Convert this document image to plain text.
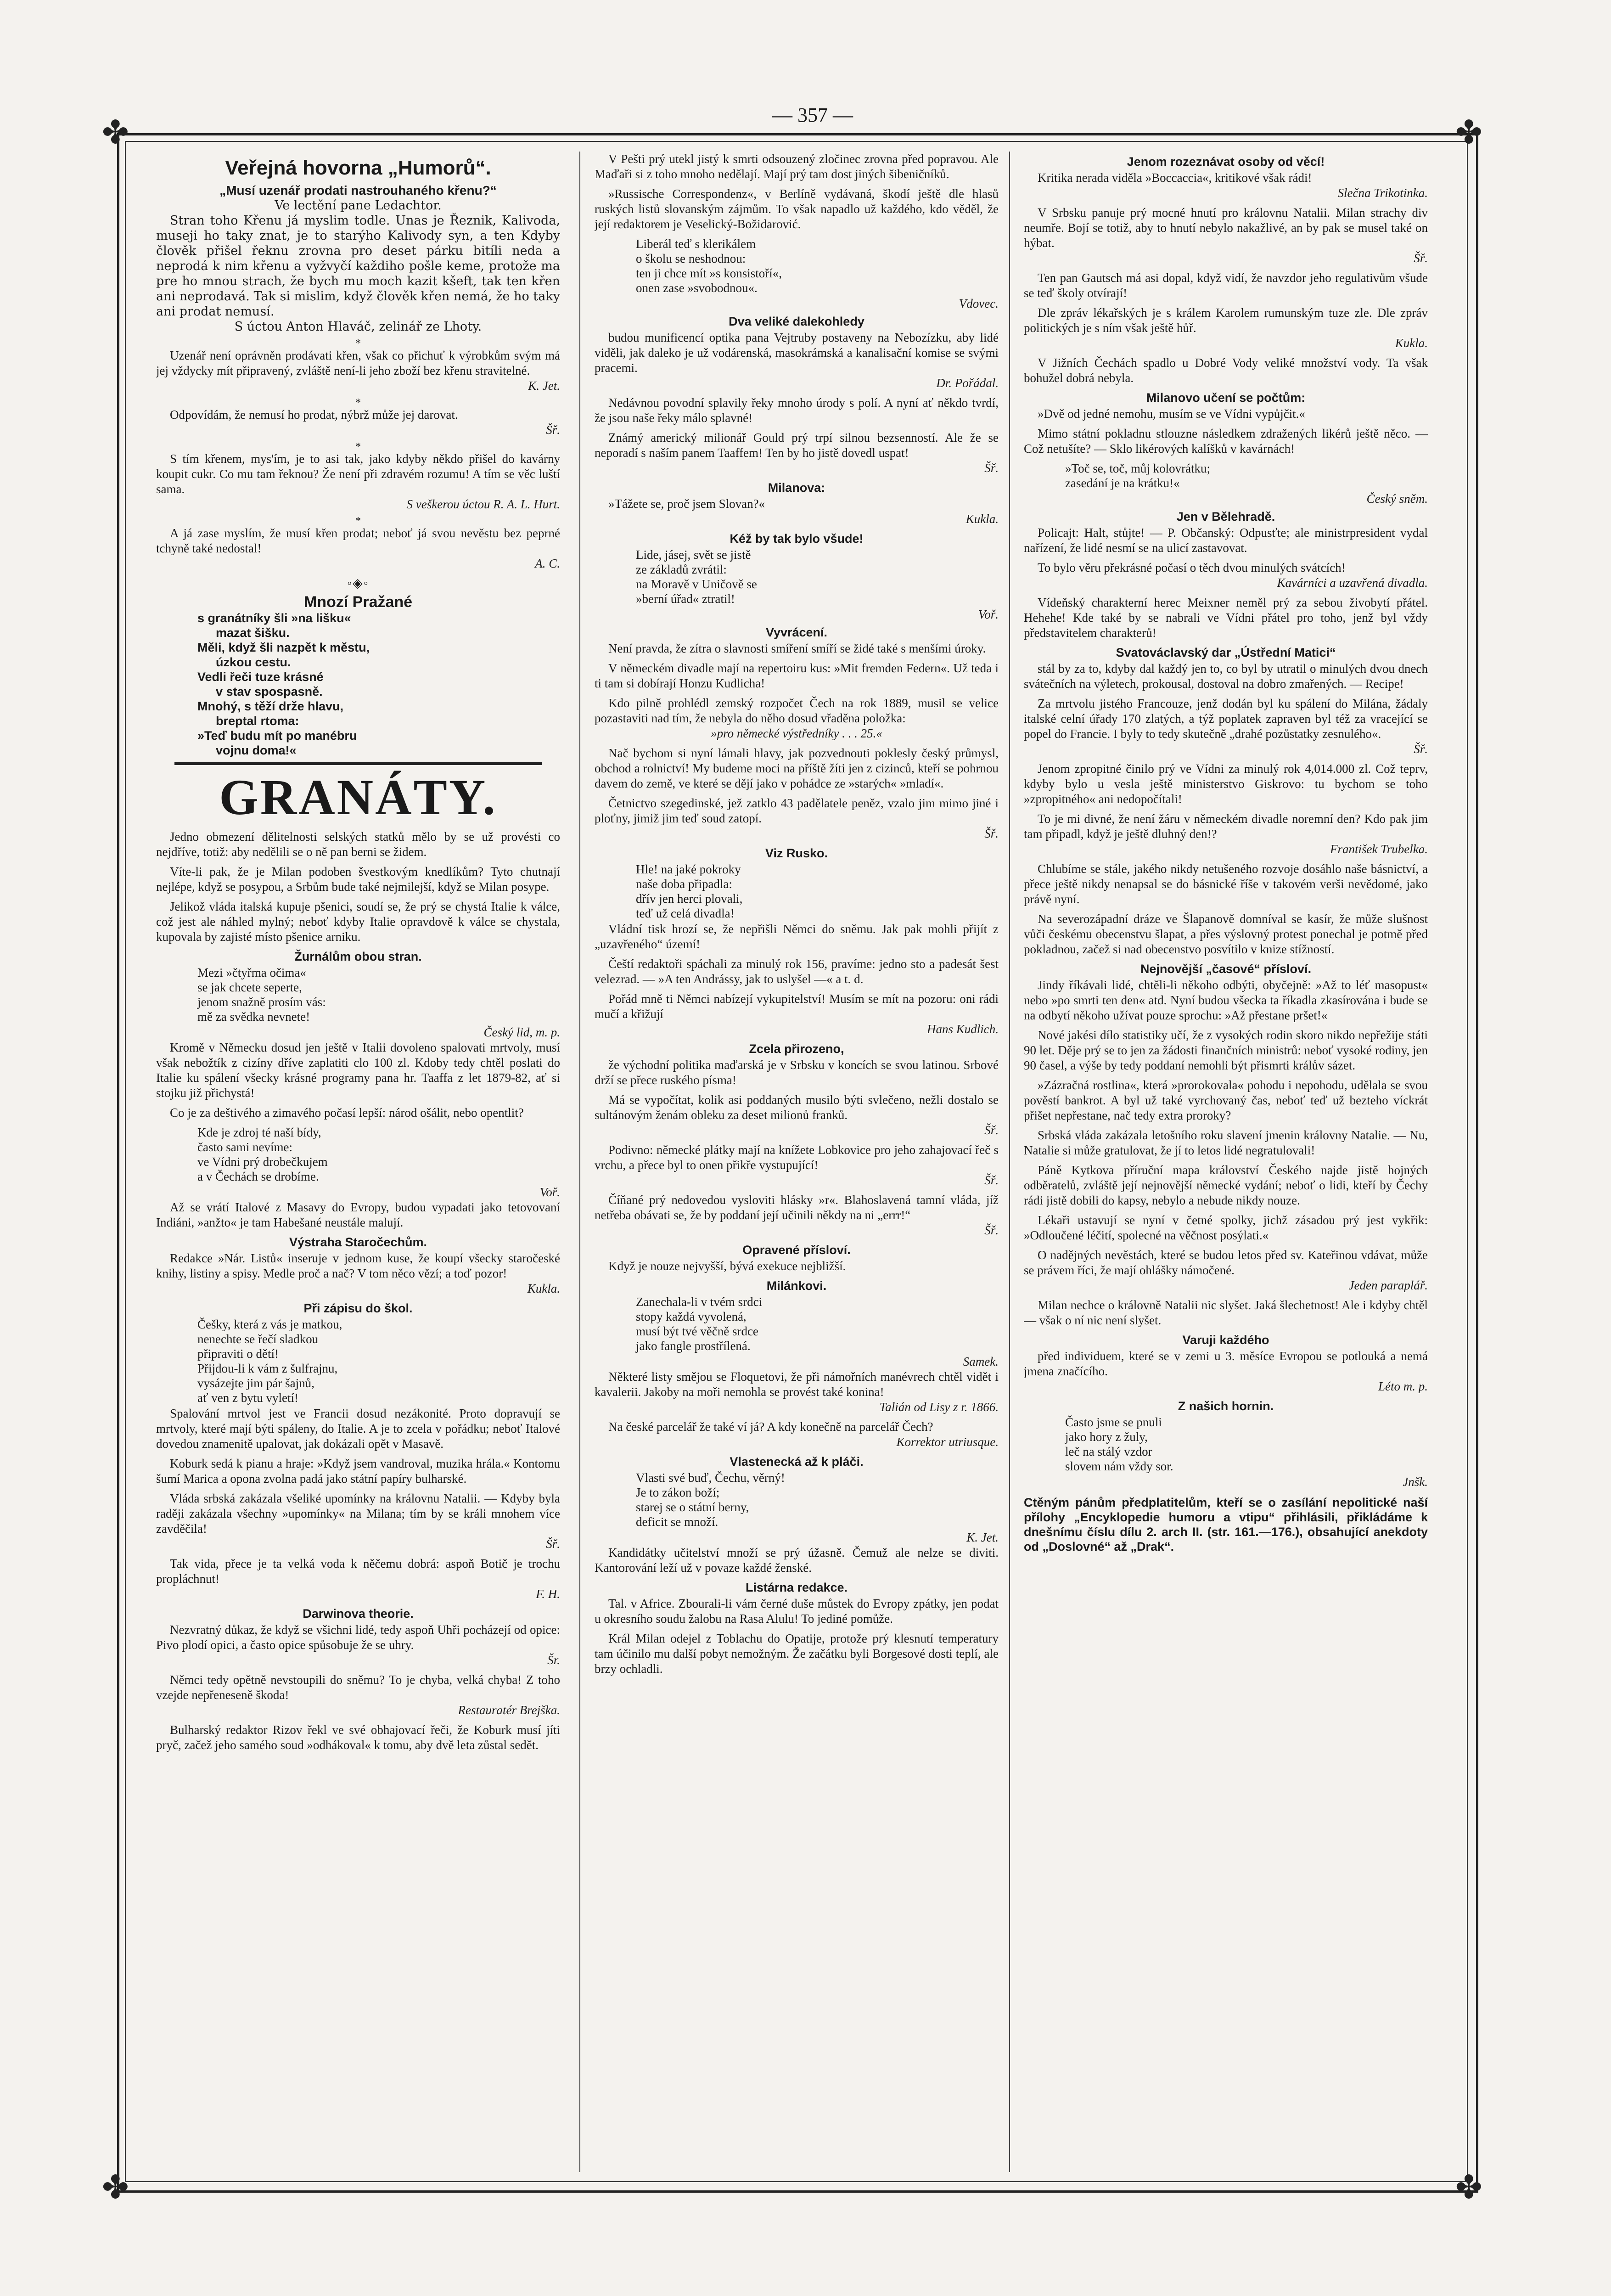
— 357 —
✤	✤
✤	✤
Veřejná hovorna „Humorů“.
„Musí uzenář prodati nastrouhaného křenu?“
Ve lectění pane Ledachtor.

Stran toho Křenu já myslim todle. Unas je Řeznik, Kalivoda, museji ho taky znat, je to starýho Kalivody syn, a ten Kdyby člověk přišel řeknu zrovna pro deset párku bitíli neda a neprodá k nim křenu a vyžvyčí každiho pošle keme, protože ma pre ho mnou strach, že bych mu moch kazit kšeft, tak ten křen ani neprodavá. Tak si mislim, když člověk křen nemá, že ho taky ani prodat nemusí.

S úctou Anton Hlaváč, zelinář ze Lhoty.
*

Uzenář není oprávněn prodávati křen, však co přichuť k výrobkům svým má jej vždycky mít připravený, zvláště není-li jeho zboží bez křenu stravitelné.

K. Jet.
*

Odpovídám, že nemusí ho prodat, nýbrž může jej darovat.

Šř.
*

S tím křenem, mys'ím, je to asi tak, jako kdyby někdo přišel do kavárny koupit cukr. Co mu tam řeknou? Že není při zdravém rozumu! A tím se věc luští sama.

S veškerou úctou R. A. L. Hurt.
*

A já zase myslím, že musí křen prodat; neboť já svou nevěstu bez peprné tchyně také nedostal!

A. C.
◦◈◦
Mnozí Pražané
s granátníky šli »na lišku«
mazat šišku.
Měli, když šli nazpět k městu,
úzkou cestu.
Vedli řeči tuze krásné
v stav spospasně.
Mnohý, s těží drže hlavu,
breptal rtoma:
»Teď budu mít po manébru
vojnu doma!«
GRANÁTY.

Jedno obmezení dělitelnosti selských statků mělo by se už provésti co nejdříve, totiž: aby nedělili se o ně pan berni se židem.

Víte-li pak, že je Milan podoben švestkovým knedlíkům? Tyto chutnají nejlépe, když se posypou, a Srbům bude také nejmilejší, když se Milan posype.

Jelikož vláda italská kupuje pšenici, soudí se, že prý se chystá Italie k válce, což jest ale náhled mylný; neboť kdyby Italie opravdově k válce se chystala, kupovala by zajisté místo pšenice arniku.

Žurnálům obou stran.
Mezi »čtyřma očima«
se jak chcete seperte,
jenom snažně prosím vás:
mě za svědka nevnete!
Český lid, m. p.

Kromě v Německu dosud jen ještě v Italii dovoleno spalovati mrtvoly, musí však nebožtík z cizíny dříve zaplatiti clo 100 zl. Kdoby tedy chtěl poslati do Italie ku spálení všecky krásné programy pana hr. Taaffa z let 1879-82, ať si stojku již přichystá!

Co je za deštivého a zimavého počasí lepší: národ ošálit, nebo opentlit?

Kde je zdroj té naší bídy,
často sami nevíme:
ve Vídni prý drobečkujem
a v Čechách se drobíme.
Voř.

Až se vrátí Italové z Masavy do Evropy, budou vypadati jako tetovovaní Indiáni, »anžto« je tam Habešané neustále malují.

Výstraha Staročechům.

Redakce »Nár. Listů« inseruje v jednom kuse, že koupí všecky staročeské knihy, listiny a spisy. Medle proč a nač? V tom něco vězí; a toď pozor!

Kukla.
Při zápisu do škol.
Češky, která z vás je matkou,
nenechte se řečí sladkou
připraviti o dětí!
Přijdou-li k vám z šulfrajnu,
vysázejte jim pár šajnů,
ať ven z bytu vyletí!

Spalování mrtvol jest ve Francii dosud nezákonité. Proto dopravují se mrtvoly, které mají býti spáleny, do Italie. A je to zcela v pořádku; neboť Italové dovedou znamenitě upalovat, jak dokázali opět v Masavě.

Koburk sedá k pianu a hraje: »Když jsem vandroval, muzika hrála.« Kontomu šumí Marica a opona zvolna padá jako státní papíry bulharské.

Vláda srbská zakázala všeliké upomínky na královnu Natalii. — Kdyby byla raději zakázala všechny »upomínky« na Milana; tím by se králi mnohem více zavděčila!

Šř.

Tak vida, přece je ta velká voda k něčemu dobrá: aspoň Botič je trochu propláchnut!

F. H.
Darwinova theorie.

Nezvratný důkaz, že když se všichni lidé, tedy aspoň Uhři pocházejí od opice: Pivo plodí opici, a často opice spůsobuje že se uhry.

Šr.

Němci tedy opětně nevstoupili do sněmu? To je chyba, velká chyba! Z toho vzejde nepřeneseně škoda!

Restauratér Brejška.

Bulharský redaktor Rizov řekl ve své obhajovací řeči, že Koburk musí jíti pryč, začež jeho samého soud »odhákoval« k tomu, aby dvě leta zůstal sedět.

V Pešti prý utekl jistý k smrti odsouzený zločinec zrovna před popravou. Ale Maďaři si z toho mnoho nedělají. Mají prý tam dost jiných šibeničníků.

»Russische Correspondenz«, v Berlíně vydávaná, škodí ještě dle hlasů ruských listů slovanským zájmům. To však napadlo už každého, kdo věděl, že její redaktorem je Veselický-Božidarović.

Liberál teď s klerikálem
o školu se neshodnou:
ten ji chce mít »s konsistoří«,
onen zase »svobodnou«.
Vdovec.
Dva veliké dalekohledy

budou munificencí optika pana Vejtruby postaveny na Nebozízku, aby lidé viděli, jak daleko je už vodárenská, masokrámská a kanalisační komise se svými pracemi.

Dr. Pořádal.

Nedávnou povodní splavily řeky mnoho úrody s polí. A nyní ať někdo tvrdí, že jsou naše řeky málo splavné!

Známý americký milionář Gould prý trpí silnou bezsenností. Ale že se neporadí s naším panem Taaffem! Ten by ho jistě dovedl uspat!

Šř.
Milanova:

»Tážete se, proč jsem Slovan?«

Kukla.
Kéž by tak bylo všude!
Lide, jásej, svět se jistě
ze základů zvrátil:
na Moravě v Uničově se
»berní úřad« ztratil!
Voř.
Vyvrácení.

Není pravda, že zítra o slavnosti smíření smíří se židé také s menšími úroky.

V německém divadle mají na repertoiru kus: »Mit fremden Federn«. Už teda i ti tam si dobírají Honzu Kudlicha!

Kdo pilně prohlédl zemský rozpočet Čech na rok 1889, musil se velice pozastaviti nad tím, že nebyla do něho dosud vřaděna položka:

»pro německé výstředníky . . . 25.«

Nač bychom si nyní lámali hlavy, jak pozvednouti poklesly český průmysl, obchod a rolnictví! My budeme moci na příště žíti jen z cizinců, kteří se pohrnou davem do země, ve které se dějí jako v pohádce ze »starých« »mladí«.

Četnictvo szegedinské, jež zatklo 43 padělatele peněz, vzalo jim mimo jiné i ploťny, jimiž jim teď soud zatopí.

Šř.
Viz Rusko.
Hle! na jaké pokroky
naše doba připadla:
dřív jen herci plovali,
teď už celá divadla!

Vládní tisk hrozí se, že nepřišli Němci do sněmu. Jak pak mohli přijít z „uzavřeného“ území!

Čeští redaktoři spáchali za minulý rok 156, pravíme: jedno sto a padesát šest velezrad. — »A ten Andrássy, jak to uslyšel —« a t. d.

Pořád mně ti Němci nabízejí vykupitelství! Musím se mít na pozoru: oni rádi mučí a křižují

Hans Kudlich.
Zcela přirozeno,

že východní politika maďarská je v Srbsku v koncích se svou latinou. Srbové drží se přece ruského písma!

Má se vypočítat, kolik asi poddaných musilo býti svlečeno, nežli dostalo se sultánovým ženám obleku za deset milionů franků.

Šř.

Podivno: německé plátky mají na knížete Lobkovice pro jeho zahajovací řeč s vrchu, a přece byl to onen přikře vystupující!

Šř.

Číňané prý nedovedou vysloviti hlásky »r«. Blahoslavená tamní vláda, jíž netřeba obávati se, že by poddaní její učinili někdy na ni „errr!“

Šř.
Opravené přísloví.

Když je nouze nejvyšší, bývá exekuce nejbližší.

Milánkovi.
Zanechala-li v tvém srdci
stopy každá vyvolená,
musí být tvé věčně srdce
jako fangle prostřílená.
Samek.

Některé listy smějou se Floquetovi, že při námořních manévrech chtěl vidět i kavalerii. Jakoby na moři nemohla se provést také konina!

Talián od Lisy z r. 1866.

Na české parcelář že také ví já? A kdy konečně na parcelář Čech?

Korrektor utriusque.
Vlastenecká až k pláči.
Vlasti své buď, Čechu, věrný!
Je to zákon boží;
starej se o státní berny,
deficit se množí.
K. Jet.

Kandidátky učitelství množí se prý úžasně. Čemuž ale nelze se diviti. Kantorování leží už v povaze každé ženské.

Listárna redakce.

Tal. v Africe. Zbourali-li vám černé duše můstek do Evropy zpátky, jen podat u okresního soudu žalobu na Rasa Alulu! To jediné pomůže.

Král Milan odejel z Toblachu do Opatije, protože prý klesnutí temperatury tam účinilo mu další pobyt nemožným. Že začátku byli Borgesové dosti teplí, ale brzy ochladli.

Jenom rozeznávat osoby od věcí!

Kritika nerada viděla »Boccaccia«, kritikové však rádi!

Slečna Trikotinka.

V Srbsku panuje prý mocné hnutí pro královnu Natalii. Milan strachy div neumře. Bojí se totiž, aby to hnutí nebylo nakažlivé, an by pak se musel také on hýbat.

Šř.

Ten pan Gautsch má asi dopal, když vidí, že navzdor jeho regulativům všude se teď školy otvírají!

Dle zpráv lékařských je s králem Karolem rumunským tuze zle. Dle zpráv politických je s ním však ještě hůř.

Kukla.

V Jižních Čechách spadlo u Dobré Vody veliké množství vody. Ta však bohužel dobrá nebyla.

Milanovo učení se počtům:

»Dvě od jedné nemohu, musím se ve Vídni vypůjčit.«

Mimo státní pokladnu stlouzne následkem zdražených likérů ještě něco. — Což netušíte? — Sklo likérových kalíšků v kavárnách!

»Toč se, toč, můj kolovrátku;
zasedání je na krátku!«
Český sněm.
Jen v Bělehradě.

Policajt: Halt, stůjte! — P. Občanský: Odpusťte; ale ministrpresident vydal nařízení, že lidé nesmí se na ulicí zastavovat.

To bylo věru překrásné počasí o těch dvou minulých svátcích!

Kavárníci a uzavřená divadla.

Vídeňský charakterní herec Meixner neměl prý za sebou živobytí přátel. Hehehe! Kde také by se nabrali ve Vídni přátel pro toho, jenž byl vždy představitelem charakterů!

Svatováclavský dar „Ústřední Matici“

stál by za to, kdyby dal každý jen to, co byl by utratil o minulých dvou dnech svátečních na výletech, prokousal, dostoval na dobro zmařených. — Recipe!

Za mrtvolu jistého Francouze, jenž dodán byl ku spálení do Milána, žádaly italské celní úřady 170 zlatých, a týž poplatek zapraven byl též za vracející se popel do Francie. I byly to tedy skutečně „drahé pozůstatky zesnulého«.

Šř.

Jenom zpropitné činilo prý ve Vídni za minulý rok 4,014.000 zl. Což teprv, kdyby bylo u vesla ještě ministerstvo Giskrovo: tu bychom se toho »zpropitného« ani nedopočítali!

To je mi divné, že není žáru v německém divadle noremní den? Kdo pak jim tam připadl, když je ještě dluhný den!?

František Trubelka.

Chlubíme se stále, jakého nikdy netušeného rozvoje dosáhlo naše básnictví, a přece ještě nikdy nenapsal se do básnické říše v takovém verši nevědomé, jako právě nyní.

Na severozápadní dráze ve Šlapanově domníval se kasír, že může slušnost vůči českému obecenstvu šlapat, a přes výslovný protest ponechal je potmě před pokladnou, začež si nad obecenstvo posvítilo v knize stížností.

Nejnovější „časové“ přísloví.

Jindy říkávali lidé, chtěli-li někoho odbýti, obyčejně: »Až to léť masopust« nebo »po smrti ten den« atd. Nyní budou všecka ta říkadla zkasírována i bude se na odbytí někoho užívat pouze sprochu: »Až přestane pršet!«

Nové jakési dílo statistiky učí, že z vysokých rodin skoro nikdo nepřežije státi 90 let. Děje prý se to jen za žádosti finančních ministrů: neboť vysoké rodiny, jen 90 časel, a výše by tedy poddaní nemohli být přismrti králův sázet.

»Zázračná rostlina«, která »prorokovala« pohodu i nepohodu, udělala se svou pověstí bankrot. A byl už také vyrchovaný čas, neboť teď už bezteho víckrát přišet nepřestane, nač tedy extra proroky?

Srbská vláda zakázala letošního roku slavení jmenin královny Natalie. — Nu, Natalie si může gratulovat, že jí to letos lidé negratulovali!

Páně Kytkova příruční mapa království Českého najde jistě hojných odběratelů, zvláště její nejnovější německé vydání; neboť o lidi, kteří by Čechy rádi jistě dobili do kapsy, nebylo a nebude nikdy nouze.

Lékaři ustavují se nyní v četné spolky, jichž zásadou prý jest vykřik: »Odloučené léčití, spolecné na věčnost posýlati.«

O nadějných nevěstách, které se budou letos před sv. Kateřinou vdávat, může se právem říci, že mají ohlášky námočené.

Jeden paraplář.

Milan nechce o královně Natalii nic slyšet. Jaká šlechetnost! Ale i kdyby chtěl — však o ní nic není slyšet.

Varuji každého

před individuem, které se v zemi u 3. měsíce Evropou se potlouká a nemá jmena značícího.

Léto m. p.
Z našich hornin.
Často jsme se pnuli
jako hory z žuly,
leč na stálý vzdor
slovem nám vždy sor.
Jnšk.
Ctěným pánům předplatitelům, kteří se o zasílání nepolitické naší přílohy „Encyklopedie humoru a vtipu“ přihlásili, přikládáme k dnešnímu číslu dílu 2. arch II. (str. 161.—176.), obsahující anekdoty od „Doslovné“ až „Drak“.
